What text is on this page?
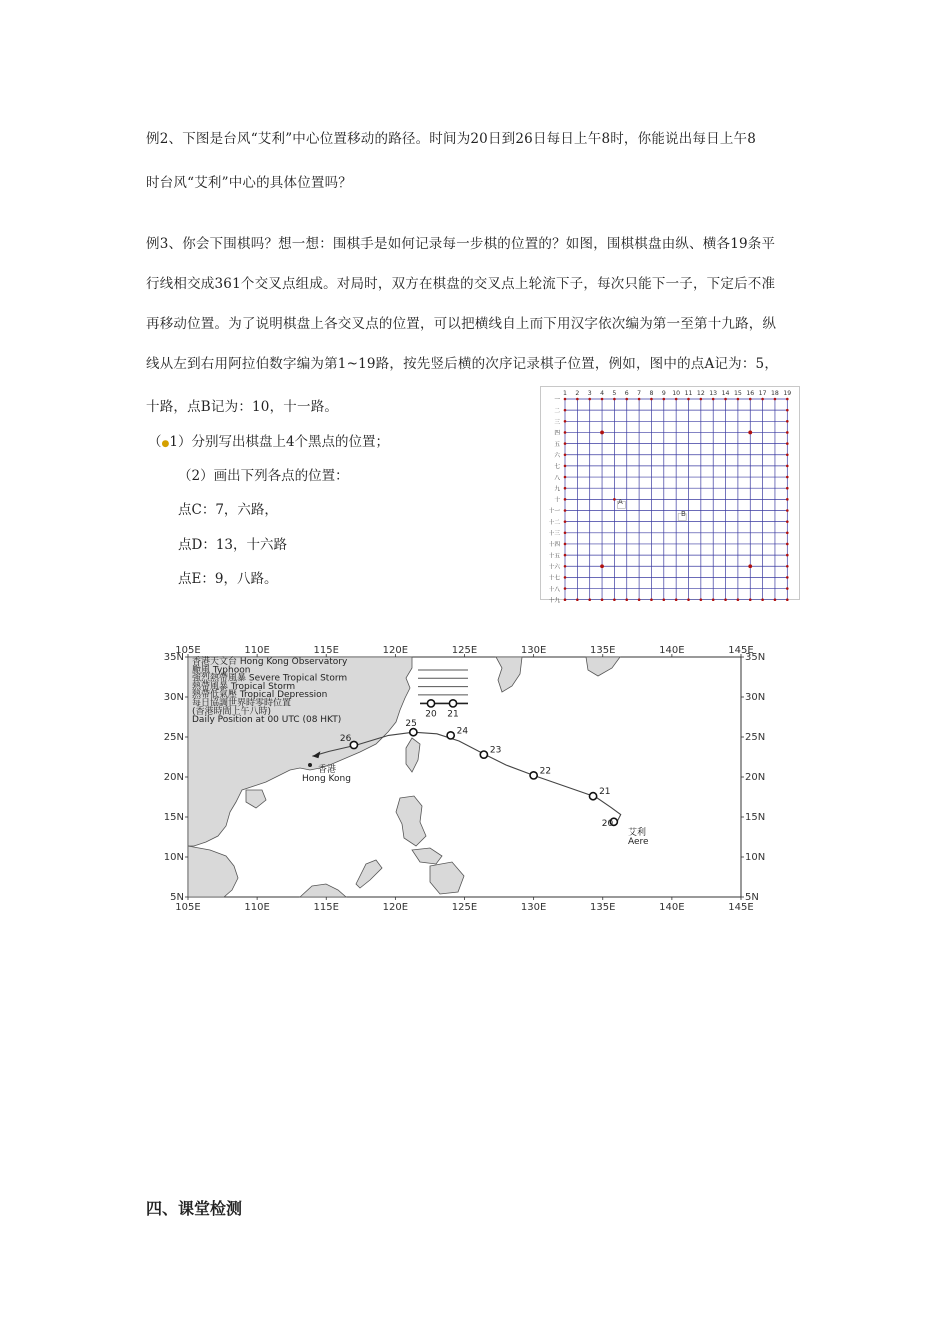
例2、下图是台风“艾利”中心位置移动的路径。时间为20日到26日每日上午8时，你能说出每日上午8
时台风“艾利”中心的具体位置吗？
例3、你会下围棋吗？想一想：围棋手是如何记录每一步棋的位置的？如图，围棋棋盘由纵、横各19条平
行线相交成361个交叉点组成。对局时，双方在棋盘的交叉点上轮流下子，每次只能下一子，下定后不准
再移动位置。为了说明棋盘上各交叉点的位置，可以把横线自上而下用汉字依次编为第一至第十九路，纵
线从左到右用阿拉伯数字编为第1~19路，按先竖后横的次序记录棋子位置，例如，图中的点A记为：5，
十路，点B记为：10，十一路。
（●1）分别写出棋盘上4个黑点的位置；
（2）画出下列各点的位置：
点C：7，六路，
点D：13，十六路
点E：9，八路。
1 2 3 4 5 6 7 8 9 10 11 12 13 14 15 16 17 18 19
一
二
三
四
五
六
七
八
九
十
十一
十二
十三
十四
十五
十六
十七
十八
十九
A
B
香港天文台 Hong Kong Observatory
颱風 Typhoon
強烈熱帶風暴 Severe Tropical Storm
熱帶風暴 Tropical Storm
熱帶低氣壓 Tropical Depression
每日協調世界時零時位置
(香港時間上午八時)
Daily Position at 00 UTC (08 HKT)
105E
105E
110E
110E
115E
115E
120E
120E
125E
125E
130E
130E
135E
135E
140E
140E
145E
145E
35N	35N
30N	30N
25N	25N
20N	20N
15N	15N
10N	10N
5N	5N
20
21
22
23
24
25
26
20 21
香港
Hong Kong
艾利
Aere
四、课堂检测
